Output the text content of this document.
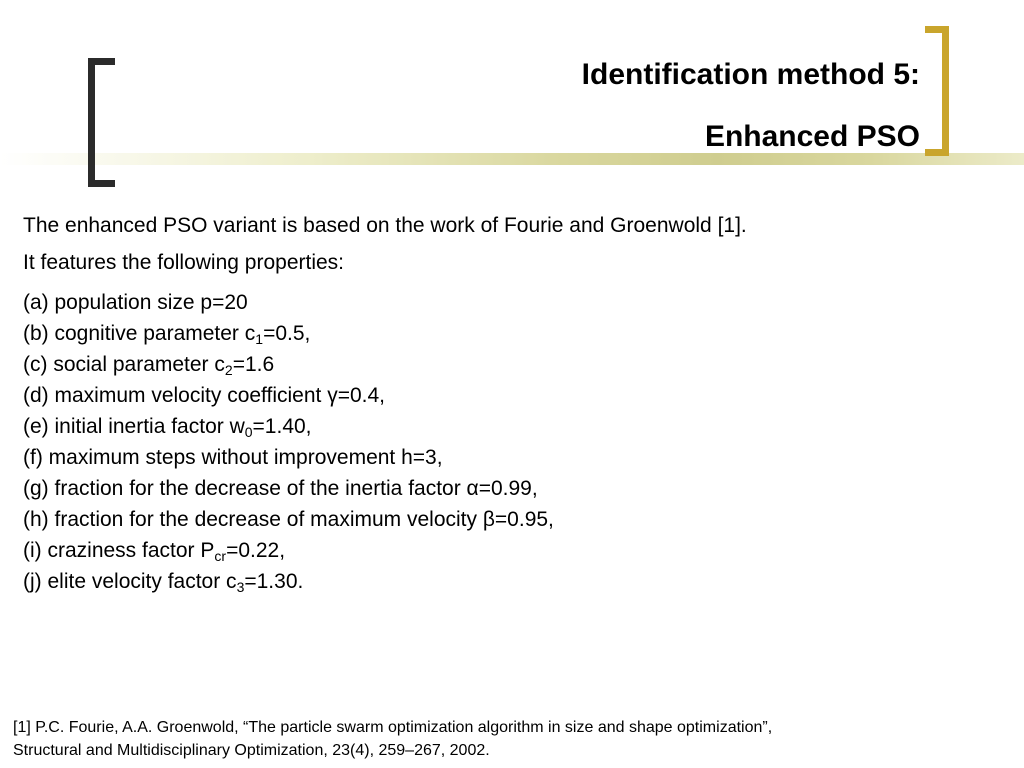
Identification method 5:
Enhanced PSO

The enhanced PSO variant is based on the work of Fourie and Groenwold [1].

It features the following properties:

(a) population size p=20
(b) cognitive parameter $c_1=0.5$,
(c) social parameter $c_2=1.6$
(d) maximum velocity coefficient γ=0.4,
(e) initial inertia factor $w_0=1.40$,
(f) maximum steps without improvement h=3,
(g) fraction for the decrease of the inertia factor α=0.99,
(h) fraction for the decrease of maximum velocity β=0.95,
(i) craziness factor $P_{cr}=0.22$,
(j) elite velocity factor $c_3=1.30$.
[1] P.C. Fourie, A.A. Groenwold, “The particle swarm optimization algorithm in size and shape optimization”,
Structural and Multidisciplinary Optimization, 23(4), 259–267, 2002.
